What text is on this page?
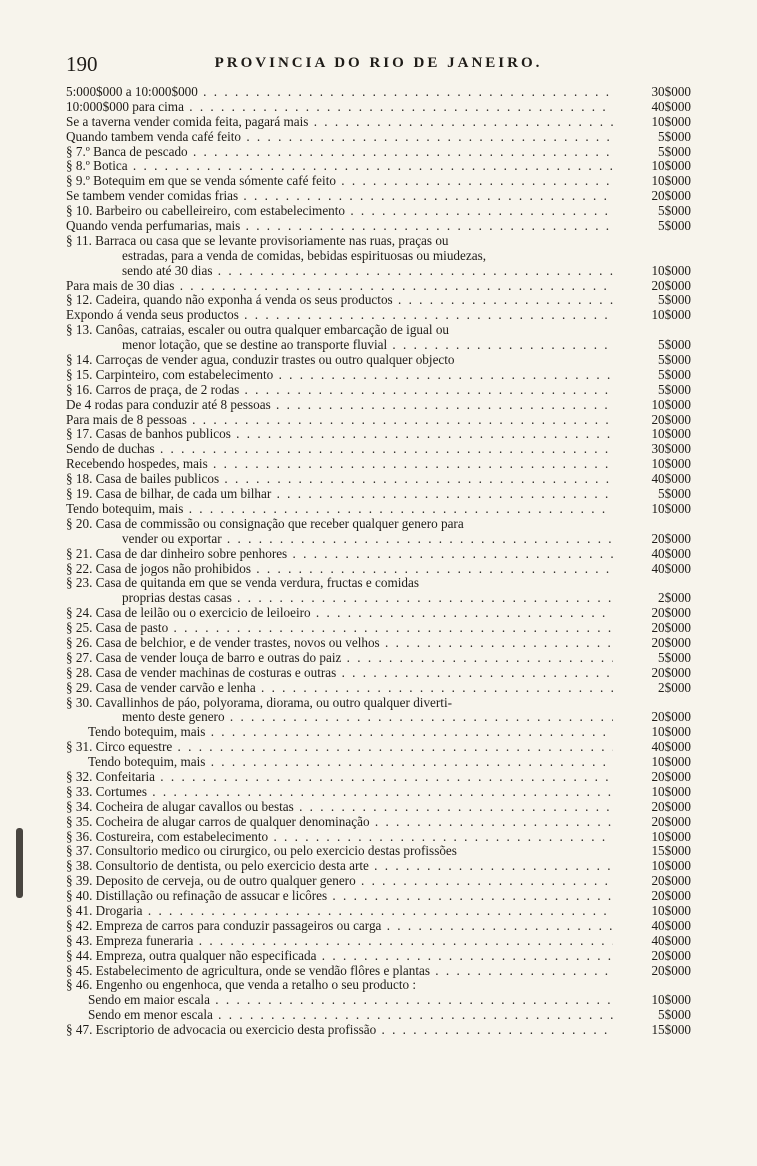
190	PROVINCIA DO RIO DE JANEIRO.
5:000$000 a 10:000$000 . . .	30$000
10:000$000 para cima . . .	40$000
Se a taverna vender comida feita, pagará mais . . .	10$000
Quando tambem venda café feito . . .	5$000
§ 7.º Banca de pescado . . .	5$000
§ 8.º Botica . . .	10$000
§ 9.º Botequim em que se venda sómente café feito . . .	10$000
Se tambem vender comidas frias . . .	20$000
§ 10. Barbeiro ou cabelleireiro, com estabelecimento . . .	5$000
Quando venda perfumarias, mais . . .	5$000
§ 11. Barraca ou casa que se levante provisoriamente nas ruas, praças ou
estradas, para a venda de comidas, bebidas espirituosas ou miudezas,
sendo até 30 dias . . .	10$000
Para mais de 30 dias . . .	20$000
§ 12. Cadeira, quando não exponha á venda os seus productos . . .	5$000
Expondo á venda seus productos . . .	10$000
§ 13. Canôas, catraias, escaler ou outra qualquer embarcação de igual ou
menor lotação, que se destine ao transporte fluvial . . .	5$000
§ 14. Carroças de vender agua, conduzir trastes ou outro qualquer objecto	5$000
§ 15. Carpinteiro, com estabelecimento . . .	5$000
§ 16. Carros de praça, de 2 rodas . . .	5$000
De 4 rodas para conduzir até 8 pessoas . . .	10$000
Para mais de 8 pessoas . . .	20$000
§ 17. Casas de banhos publicos . . .	10$000
Sendo de duchas . . .	30$000
Recebendo hospedes, mais . . .	10$000
§ 18. Casa de bailes publicos . . .	40$000
§ 19. Casa de bilhar, de cada um bilhar . . .	5$000
Tendo botequim, mais . . .	10$000
§ 20. Casa de commissão ou consignação que receber qualquer genero para
vender ou exportar . . .	20$000
§ 21. Casa de dar dinheiro sobre penhores . . .	40$000
§ 22. Casa de jogos não prohibidos . . .	40$000
§ 23. Casa de quitanda em que se venda verdura, fructas e comidas
proprias destas casas . . .	2$000
§ 24. Casa de leilão ou o exercicio de leiloeiro . . .	20$000
§ 25. Casa de pasto . . .	20$000
§ 26. Casa de belchior, e de vender trastes, novos ou velhos . . .	20$000
§ 27. Casa de vender louça de barro e outras do paiz . . .	5$000
§ 28. Casa de vender machinas de costuras e outras . . .	20$000
§ 29. Casa de vender carvão e lenha . . .	2$000
§ 30. Cavallinhos de páo, polyorama, diorama, ou outro qualquer diverti-
mento deste genero . . .	20$000
Tendo botequim, mais . . .	10$000
§ 31. Circo equestre . . .	40$000
Tendo botequim, mais . . .	10$000
§ 32. Confeitaria . . .	20$000
§ 33. Cortumes . . .	10$000
§ 34. Cocheira de alugar cavallos ou bestas . . .	20$000
§ 35. Cocheira de alugar carros de qualquer denominação . . .	20$000
§ 36. Costureira, com estabelecimento . . .	10$000
§ 37. Consultorio medico ou cirurgico, ou pelo exercicio destas profissões	15$000
§ 38. Consultorio de dentista, ou pelo exercicio desta arte . . .	10$000
§ 39. Deposito de cerveja, ou de outro qualquer genero . . .	20$000
§ 40. Distillação ou refinação de assucar e licôres . . .	20$000
§ 41. Drogaria . . .	10$000
§ 42. Empreza de carros para conduzir passageiros ou carga . . .	40$000
§ 43. Empreza funeraria . . .	40$000
§ 44. Empreza, outra qualquer não especificada . . .	20$000
§ 45. Estabelecimento de agricultura, onde se vendão flôres e plantas . . .	20$000
§ 46. Engenho ou engenhoca, que venda a retalho o seu producto :
Sendo em maior escala . . .	10$000
Sendo em menor escala . . .	5$000
§ 47. Escriptorio de advocacia ou exercicio desta profissão . . .	15$000
